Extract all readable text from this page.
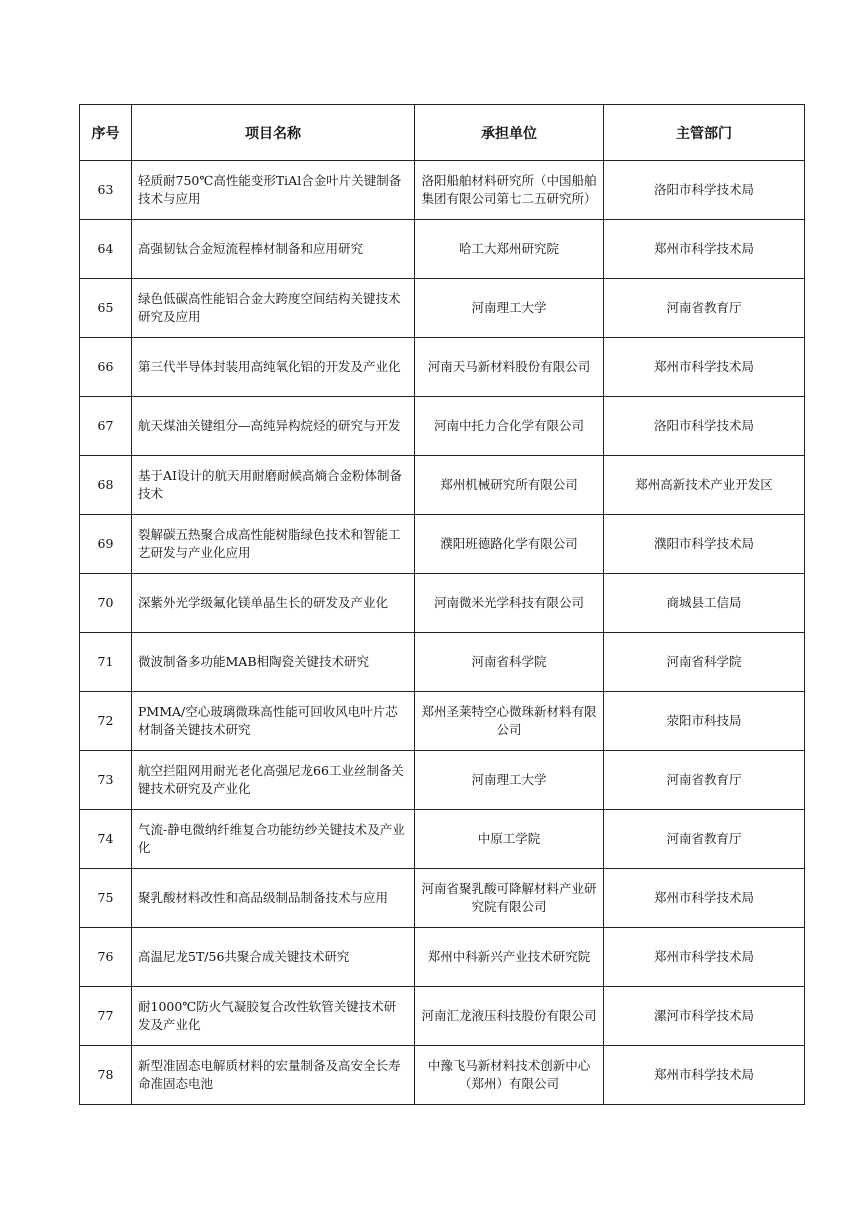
序号	项目名称	承担单位	主管部门
63	轻质耐750℃高性能变形TiAl合金叶片关键制备技术与应用	洛阳船舶材料研究所（中国船舶集团有限公司第七二五研究所）	洛阳市科学技术局
64	高强韧钛合金短流程棒材制备和应用研究	哈工大郑州研究院	郑州市科学技术局
65	绿色低碳高性能铝合金大跨度空间结构关键技术研究及应用	河南理工大学	河南省教育厅
66	第三代半导体封装用高纯氧化铝的开发及产业化	河南天马新材料股份有限公司	郑州市科学技术局
67	航天煤油关键组分—高纯异构烷烃的研究与开发	河南中托力合化学有限公司	洛阳市科学技术局
68	基于AI设计的航天用耐磨耐候高熵合金粉体制备技术	郑州机械研究所有限公司	郑州高新技术产业开发区
69	裂解碳五热聚合成高性能树脂绿色技术和智能工艺研发与产业化应用	濮阳班德路化学有限公司	濮阳市科学技术局
70	深紫外光学级氟化镁单晶生长的研发及产业化	河南微米光学科技有限公司	商城县工信局
71	微波制备多功能MAB相陶瓷关键技术研究	河南省科学院	河南省科学院
72	PMMA/空心玻璃微珠高性能可回收风电叶片芯材制备关键技术研究	郑州圣莱特空心微珠新材料有限公司	荥阳市科技局
73	航空拦阻网用耐光老化高强尼龙66工业丝制备关键技术研究及产业化	河南理工大学	河南省教育厅
74	气流-静电微纳纤维复合功能纺纱关键技术及产业化	中原工学院	河南省教育厅
75	聚乳酸材料改性和高品级制品制备技术与应用	河南省聚乳酸可降解材料产业研究院有限公司	郑州市科学技术局
76	高温尼龙5T/56共聚合成关键技术研究	郑州中科新兴产业技术研究院	郑州市科学技术局
77	耐1000℃防火气凝胶复合改性软管关键技术研发及产业化	河南汇龙液压科技股份有限公司	漯河市科学技术局
78	新型准固态电解质材料的宏量制备及高安全长寿命准固态电池	中豫飞马新材料技术创新中心（郑州）有限公司	郑州市科学技术局
